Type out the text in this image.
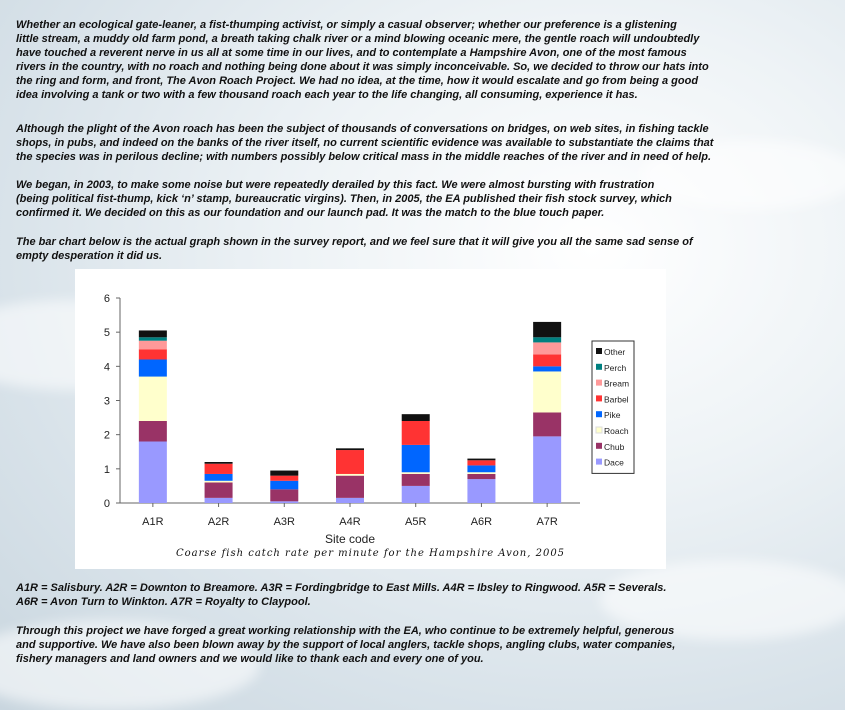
Whether an ecological gate-leaner, a fist-thumping activist, or simply a casual observer; whether our preference is a glistening
little stream, a muddy old farm pond, a breath taking chalk river or a mind blowing oceanic mere, the gentle roach will undoubtedly
have touched a reverent nerve in us all at some time in our lives, and to contemplate a Hampshire Avon, one of the most famous
rivers in the country, with no roach and nothing being done about it was simply inconceivable. So, we decided to throw our hats into
the ring and form, and front, The Avon Roach Project. We had no idea, at the time, how it would escalate and go from being a good
idea involving a tank or two with a few thousand roach each year to the life changing, all consuming, experience it has.

Although the plight of the Avon roach has been the subject of thousands of conversations on bridges, on web sites, in fishing tackle
shops, in pubs, and indeed on the banks of the river itself, no current scientific evidence was available to substantiate the claims that
the species was in perilous decline; with numbers possibly below critical mass in the middle reaches of the river and in need of help.

We began, in 2003, to make some noise but were repeatedly derailed by this fact. We were almost bursting with frustration
(being political fist-thump, kick ‘n’ stamp, bureaucratic virgins). Then, in 2005, the EA published their fish stock survey, which
confirmed it. We decided on this as our foundation and our launch pad. It was the match to the blue touch paper.

The bar chart below is the actual graph shown in the survey report, and we feel sure that it will give you all the same sad sense of
empty desperation it did us.

0
1
2
3
4
5
6
A1R	A2R	A3R	A4R	A5R	A6R	A7R
Site code
Other
Perch
Bream
Barbel
Pike
Roach
Chub
Dace
Coarse fish catch rate per minute for the Hampshire Avon, 2005

A1R = Salisbury. A2R = Downton to Breamore. A3R = Fordingbridge to East Mills. A4R = Ibsley to Ringwood. A5R = Severals.
A6R = Avon Turn to Winkton. A7R = Royalty to Claypool.

Through this project we have forged a great working relationship with the EA, who continue to be extremely helpful, generous
and supportive. We have also been blown away by the support of local anglers, tackle shops, angling clubs, water companies,
fishery managers and land owners and we would like to thank each and every one of you.
